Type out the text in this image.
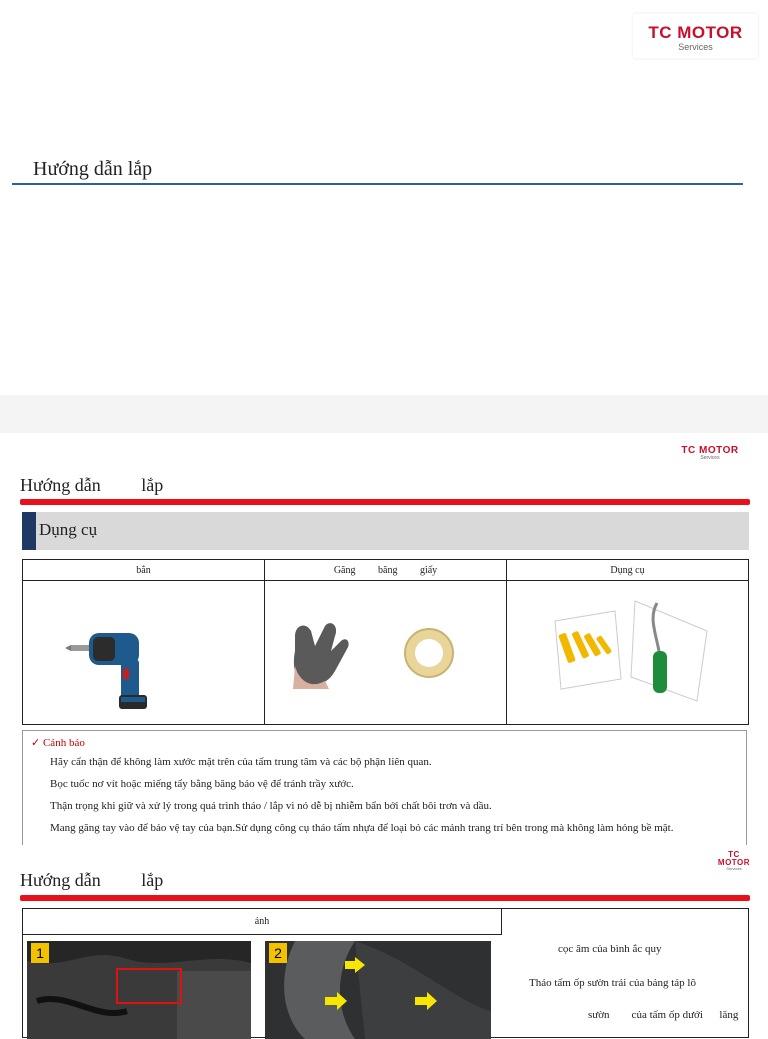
TC MOTOR
Services
Hướng dẫn lắp
TC MOTOR
Services
Hướng dẫn         lắp
Dụng cụ
bắn	Găng băng giấy	Dụng cụ

✓ Cảnh báo
Hãy cẩn thận để không làm xước mặt trên của tấm trung tâm và các bộ phận liên quan.
Bọc tuốc nơ vít hoặc miếng tẩy bằng băng bảo vệ để tránh trầy xước.
Thận trọng khi giữ và xử lý trong quá trình tháo / lắp vì nó dễ bị nhiễm bẩn bởi chất bôi trơn và dầu.
Mang găng tay vào để bảo vệ tay của bạn.Sử dụng công cụ tháo tấm nhựa để loại bỏ các mảnh trang trí bên trong mà không làm hỏng bề mặt.
TC MOTOR
Services
Hướng dẫn         lắp
ảnh
1	2	cọc âm của bình ắc quy
Tháo tấm ốp sườn trái của bảng táp lô
sườn        của tấm ốp dưới      lăng
